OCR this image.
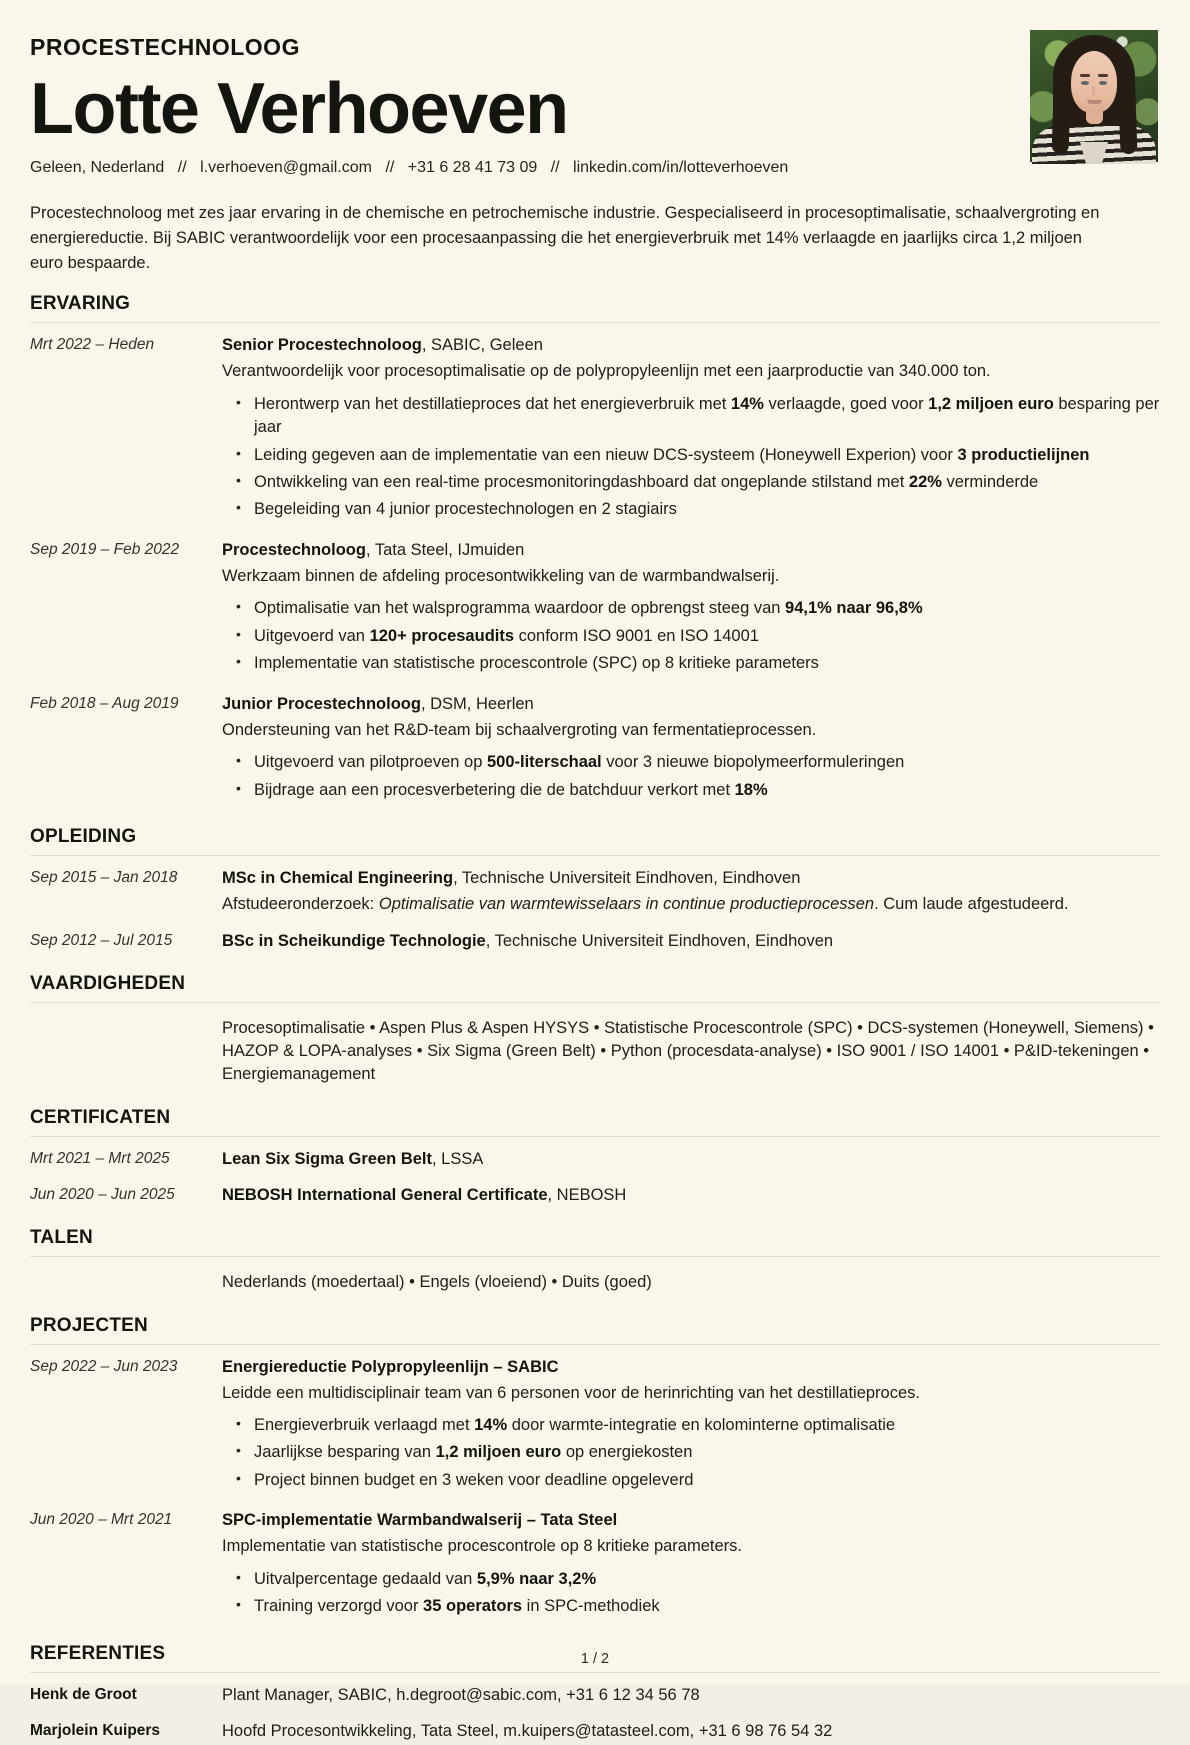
PROCESTECHNOLOOG
Lotte Verhoeven
Geleen, Nederland // l.verhoeven@gmail.com // +31 6 28 41 73 09 // linkedin.com/in/lotteverhoeven

Procestechnoloog met zes jaar ervaring in de chemische en petrochemische industrie. Gespecialiseerd in procesoptimalisatie, schaalvergroting en energiereductie. Bij SABIC verantwoordelijk voor een procesaanpassing die het energieverbruik met 14% verlaagde en jaarlijks circa 1,2 miljoen euro bespaarde.

ERVARING
Mrt 2022 – Heden	Senior Procestechnoloog, SABIC, Geleen
Verantwoordelijk voor procesoptimalisatie op de polypropyleenlijn met een jaarproductie van 340.000 ton.
• Herontwerp van het destillatieproces dat het energieverbruik met 14% verlaagde, goed voor 1,2 miljoen euro besparing per jaar
• Leiding gegeven aan de implementatie van een nieuw DCS-systeem (Honeywell Experion) voor 3 productielijnen
• Ontwikkeling van een real-time procesmonitoringdashboard dat ongeplande stilstand met 22% verminderde
• Begeleiding van 4 junior procestechnologen en 2 stagiairs
Sep 2019 – Feb 2022	Procestechnoloog, Tata Steel, IJmuiden
Werkzaam binnen de afdeling procesontwikkeling van de warmbandwalserij.
• Optimalisatie van het walsprogramma waardoor de opbrengst steeg van 94,1% naar 96,8%
• Uitgevoerd van 120+ procesaudits conform ISO 9001 en ISO 14001
• Implementatie van statistische procescontrole (SPC) op 8 kritieke parameters
Feb 2018 – Aug 2019	Junior Procestechnoloog, DSM, Heerlen
Ondersteuning van het R&D-team bij schaalvergroting van fermentatieprocessen.
• Uitgevoerd van pilotproeven op 500-literschaal voor 3 nieuwe biopolymeerformuleringen
• Bijdrage aan een procesverbetering die de batchduur verkort met 18%
OPLEIDING
Sep 2015 – Jan 2018	MSc in Chemical Engineering, Technische Universiteit Eindhoven, Eindhoven
Afstudeeronderzoek: Optimalisatie van warmtewisselaars in continue productieprocessen. Cum laude afgestudeerd.
Sep 2012 – Jul 2015	BSc in Scheikundige Technologie, Technische Universiteit Eindhoven, Eindhoven
VAARDIGHEDEN
Procesoptimalisatie • Aspen Plus & Aspen HYSYS • Statistische Procescontrole (SPC) • DCS-systemen (Honeywell, Siemens) • HAZOP & LOPA-analyses • Six Sigma (Green Belt) • Python (procesdata-analyse) • ISO 9001 / ISO 14001 • P&ID-tekeningen • Energiemanagement
CERTIFICATEN
Mrt 2021 – Mrt 2025	Lean Six Sigma Green Belt, LSSA
Jun 2020 – Jun 2025	NEBOSH International General Certificate, NEBOSH
TALEN
Nederlands (moedertaal) • Engels (vloeiend) • Duits (goed)
PROJECTEN
Sep 2022 – Jun 2023	Energiereductie Polypropyleenlijn – SABIC
Leidde een multidisciplinair team van 6 personen voor de herinrichting van het destillatieproces.
• Energieverbruik verlaagd met 14% door warmte-integratie en kolominterne optimalisatie
• Jaarlijkse besparing van 1,2 miljoen euro op energiekosten
• Project binnen budget en 3 weken voor deadline opgeleverd
Jun 2020 – Mrt 2021	SPC-implementatie Warmbandwalserij – Tata Steel
Implementatie van statistische procescontrole op 8 kritieke parameters.
• Uitvalpercentage gedaald van 5,9% naar 3,2%
• Training verzorgd voor 35 operators in SPC-methodiek
REFERENTIES
Henk de Groot	Plant Manager, SABIC, h.degroot@sabic.com, +31 6 12 34 56 78
Marjolein Kuipers	Hoofd Procesontwikkeling, Tata Steel, m.kuipers@tatasteel.com, +31 6 98 76 54 32
1 / 2
